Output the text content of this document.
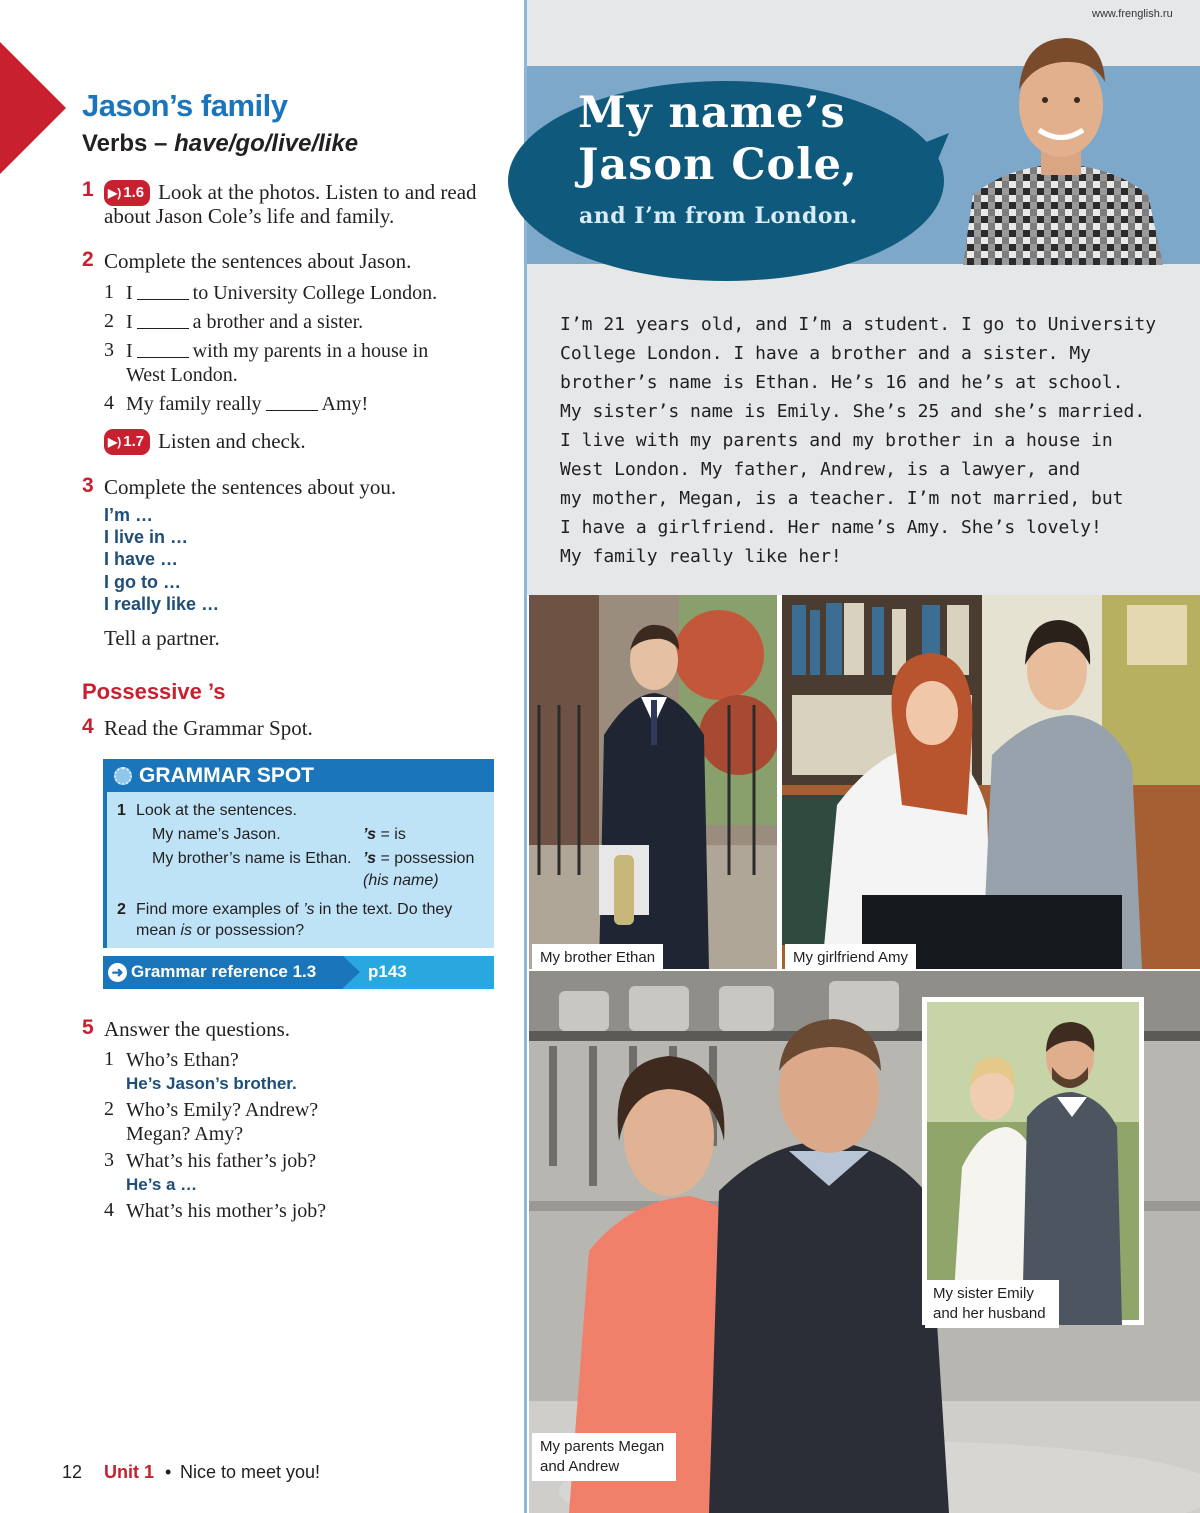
Jason’s family
Verbs – have/go/live/like
1	▶) 1.6 Look at the photos. Listen to and read
about Jason Cole’s life and family.
2 Complete the sentences about Jason.
1 I	to University College London.
2 I	a brother and a sister.
3 I	with my parents in a house in
West London.
4 My family really	Amy!
▶) 1.7 Listen and check.
3 Complete the sentences about you.
I’m …
I live in …
I have …
I go to …
I really like …
Tell a partner.
Possessive ’s
4 Read the Grammar Spot.
GRAMMAR SPOT
1 Look at the sentences.
My name’s Jason.	’s = is
My brother’s name is Ethan. ’s = possession
(his name)
2 Find more examples of ’s in the text. Do they
mean is or possession?
➜ Grammar reference 1.3	p143
5 Answer the questions.
1 Who’s Ethan?
He’s Jason’s brother.
2 Who’s Emily? Andrew?
Megan? Amy?
3 What’s his father’s job?
He’s a …
4 What’s his mother’s job?
12 Unit 1 • Nice to meet you!
www.frenglish.ru
My name’s
Jason Cole,
and I’m from London.
I’m 21 years old, and I’m a student. I go to University
College London. I have a brother and a sister. My
brother’s name is Ethan. He’s 16 and he’s at school.
My sister’s name is Emily. She’s 25 and she’s married.
I live with my parents and my brother in a house in
West London. My father, Andrew, is a lawyer, and
my mother, Megan, is a teacher. I’m not married, but
I have a girlfriend. Her name’s Amy. She’s lovely!
My family really like her!
My brother Ethan	My girlfriend Amy
My parents Megan
and Andrew
My sister Emily
and her husband
